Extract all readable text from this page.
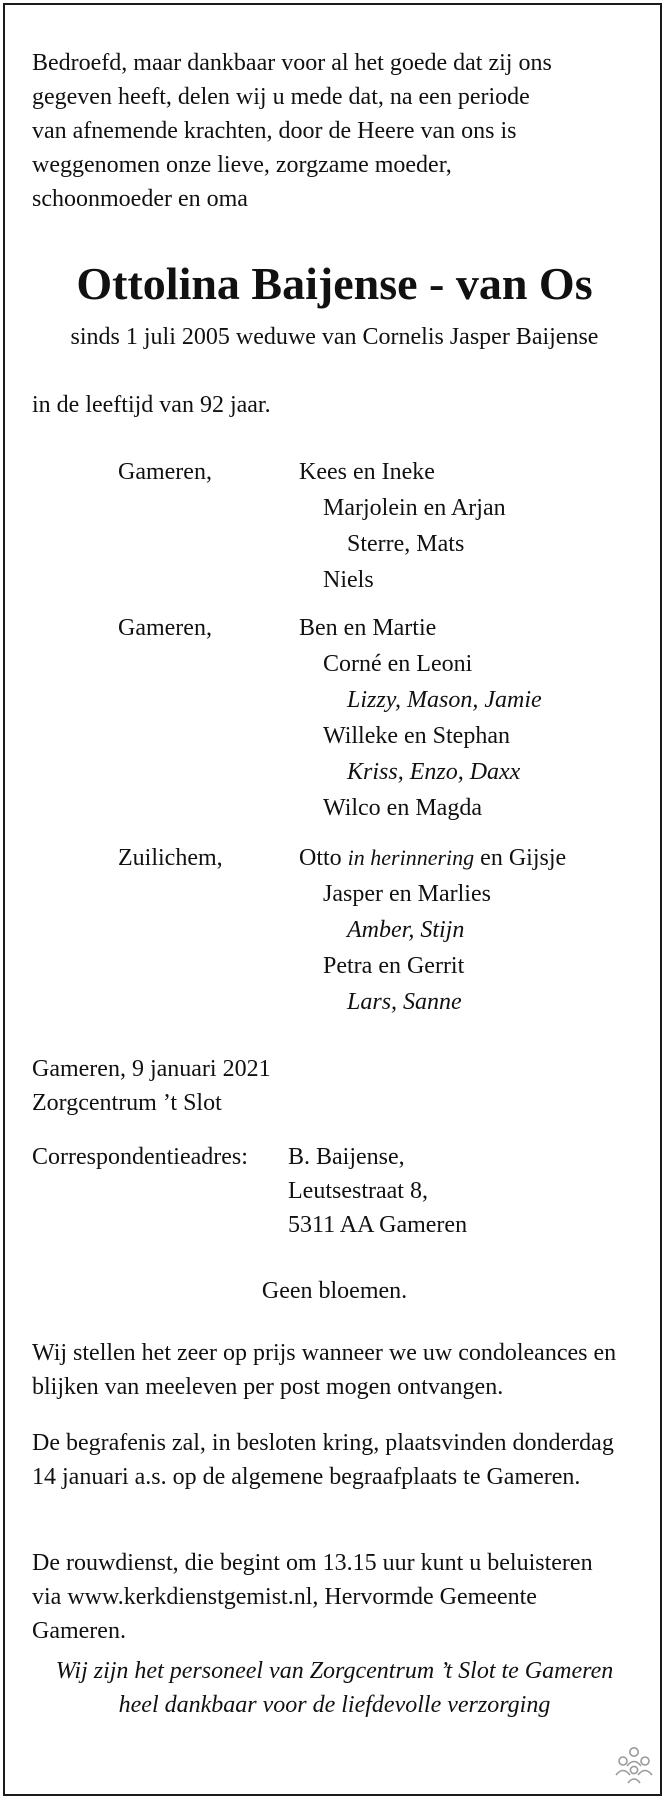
Bedroefd, maar dankbaar voor al het goede dat zij ons
gegeven heeft, delen wij u mede dat, na een periode
van afnemende krachten, door de Heere van ons is
weggenomen onze lieve, zorgzame moeder,
schoonmoeder en oma
Ottolina Baijense - van Os
sinds 1 juli 2005 weduwe van Cornelis Jasper Baijense
in de leeftijd van 92 jaar.
Gameren,	Kees en Ineke
Marjolein en Arjan
Sterre, Mats
Niels
Gameren,	Ben en Martie
Corné en Leoni
Lizzy, Mason, Jamie
Willeke en Stephan
Kriss, Enzo, Daxx
Wilco en Magda
Zuilichem,	Otto in herinnering en Gijsje
Jasper en Marlies
Amber, Stijn
Petra en Gerrit
Lars, Sanne
Gameren, 9 januari 2021
Zorgcentrum ’t Slot
Correspondentieadres: B. Baijense,
Leutsestraat 8,
5311 AA Gameren
Geen bloemen.
Wij stellen het zeer op prijs wanneer we uw condoleances en blijken van meeleven per post mogen ontvangen.
De begrafenis zal, in besloten kring, plaatsvinden donderdag 14 januari a.s. op de algemene begraafplaats te Gameren.
De rouwdienst, die begint om 13.15 uur kunt u beluisteren via www.kerkdienstgemist.nl, Hervormde Gemeente Gameren.
Wij zijn het personeel van Zorgcentrum ’t Slot te Gameren
heel dankbaar voor de liefdevolle verzorging
